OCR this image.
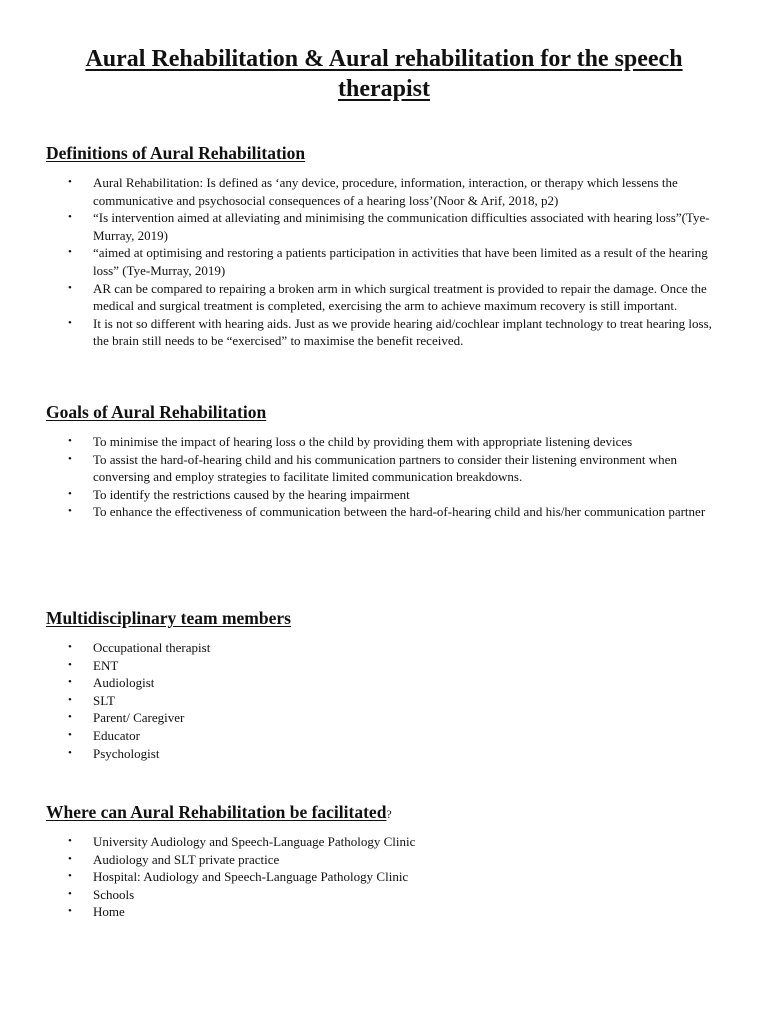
Aural Rehabilitation & Aural rehabilitation for the speech therapist
Definitions of Aural Rehabilitation
• Aural Rehabilitation: Is defined as ‘any device, procedure, information, interaction, or therapy which lessens the communicative and psychosocial consequences of a hearing loss’(Noor & Arif, 2018, p2)
• “Is intervention aimed at alleviating and minimising the communication difficulties associated with hearing loss”(Tye-Murray, 2019)
• “aimed at optimising and restoring a patients participation in activities that have been limited as a result of the hearing loss” (Tye-Murray, 2019)
• AR can be compared to repairing a broken arm in which surgical treatment is provided to repair the damage. Once the medical and surgical treatment is completed, exercising the arm to achieve maximum recovery is still important.
• It is not so different with hearing aids. Just as we provide hearing aid/cochlear implant technology to treat hearing loss, the brain still needs to be “exercised” to maximise the benefit received.
Goals of Aural Rehabilitation
• To minimise the impact of hearing loss o the child by providing them with appropriate listening devices
• To assist the hard-of-hearing child and his communication partners to consider their listening environment when conversing and employ strategies to facilitate limited communication breakdowns.
• To identify the restrictions caused by the hearing impairment
• To enhance the effectiveness of communication between the hard-of-hearing child and his/her communication partner
Multidisciplinary team members
• Occupational therapist
• ENT
• Audiologist
• SLT
• Parent/ Caregiver
• Educator
• Psychologist
Where can Aural Rehabilitation be facilitated?
• University Audiology and Speech-Language Pathology Clinic
• Audiology and SLT private practice
• Hospital: Audiology and Speech-Language Pathology Clinic
• Schools
• Home
